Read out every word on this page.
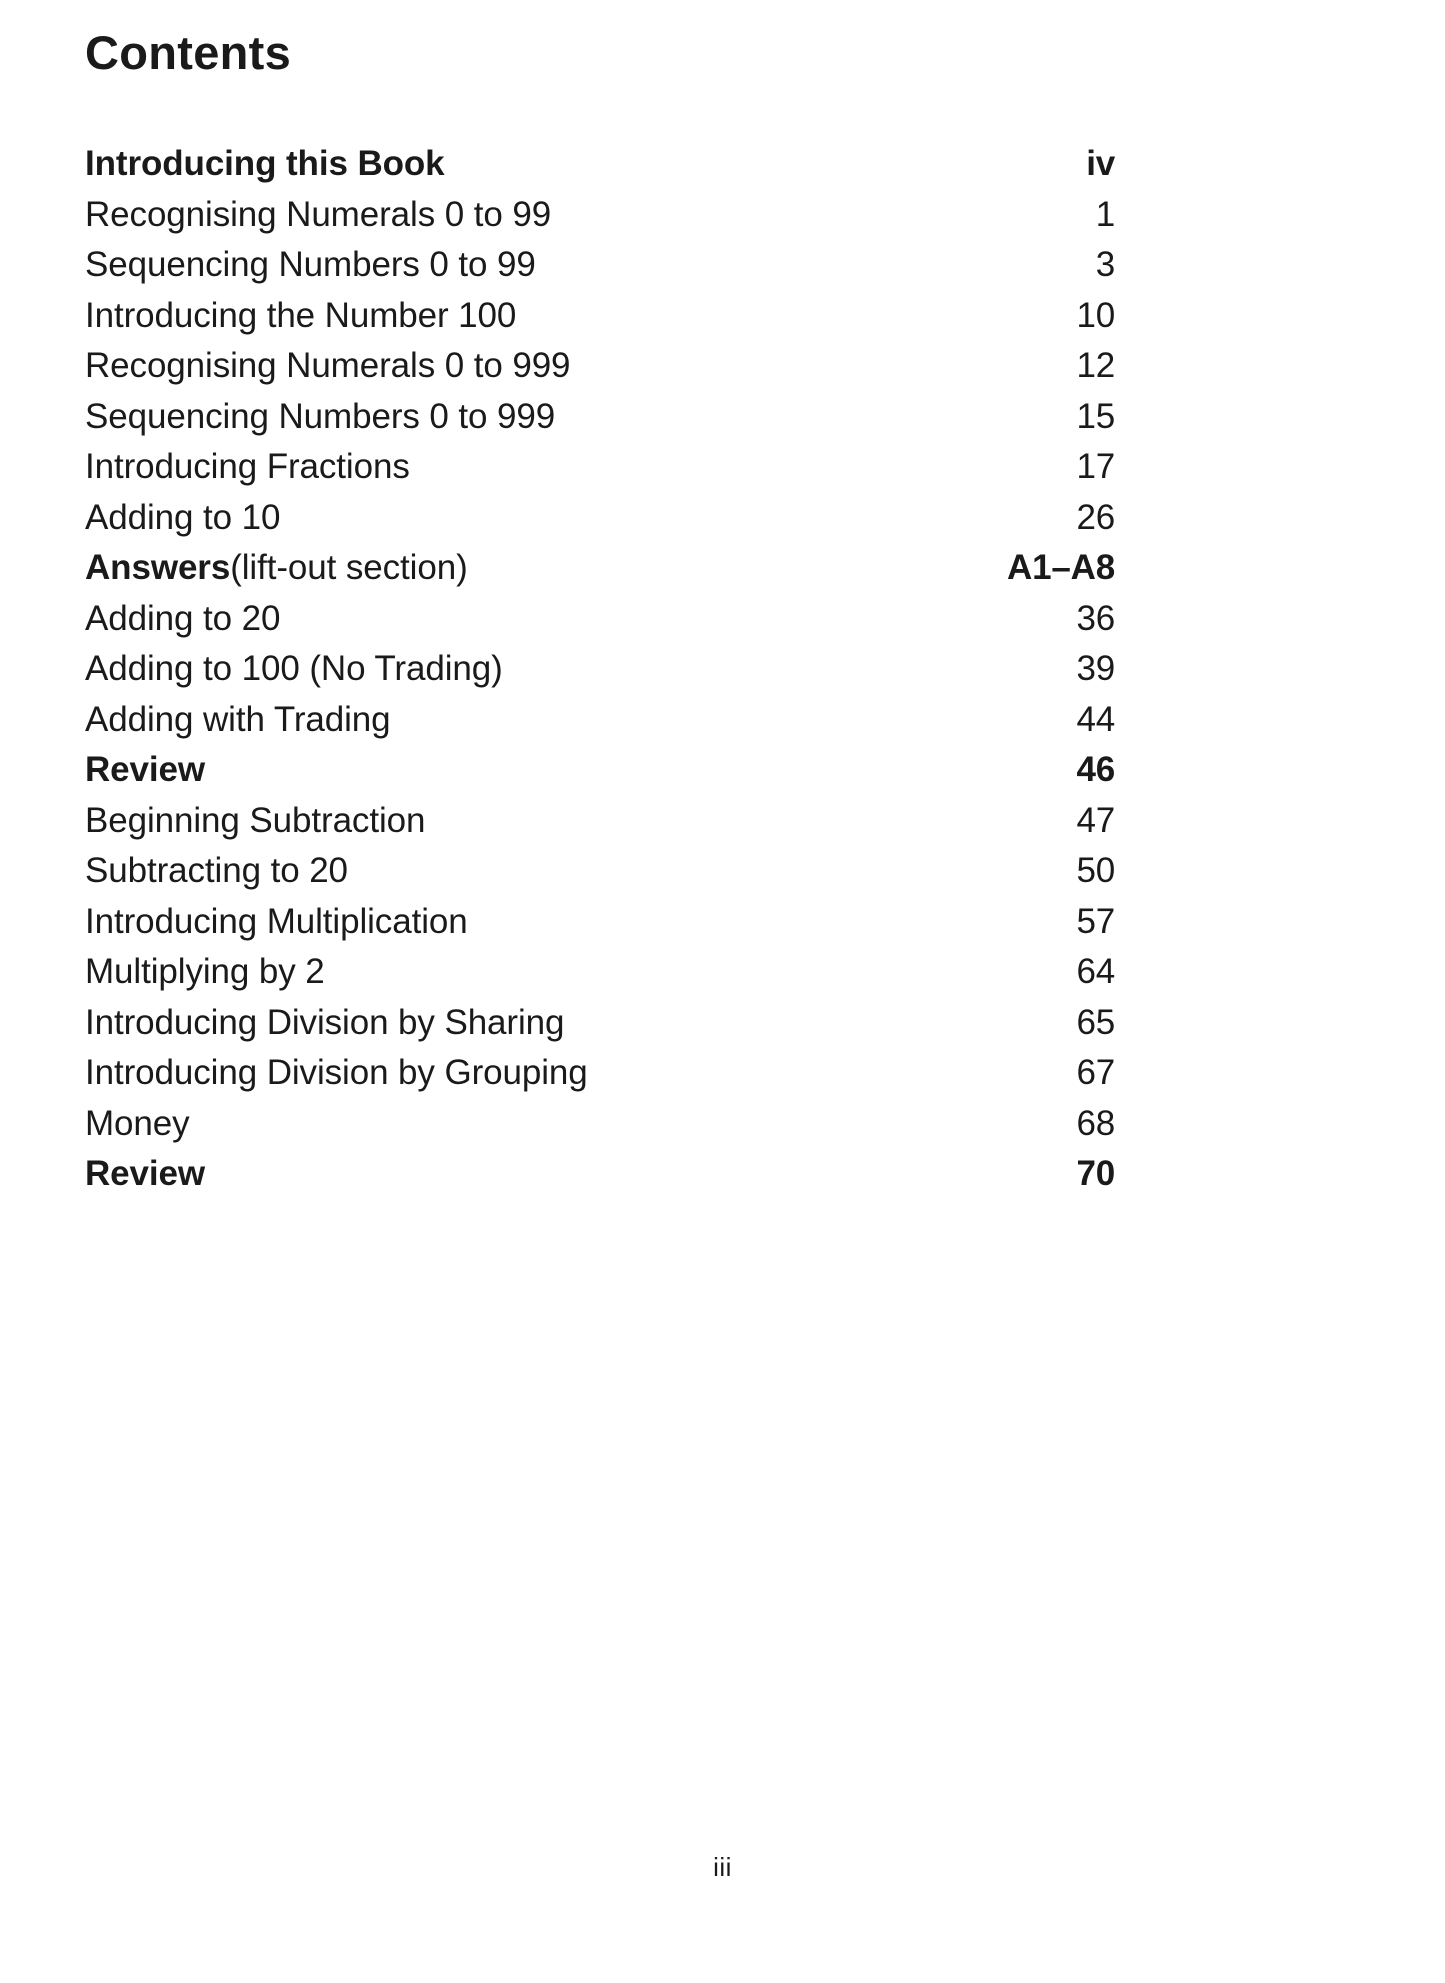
Contents
Introducing this Book	iv
Recognising Numerals 0 to 99	1
Sequencing Numbers 0 to 99	3
Introducing the Number 100	10
Recognising Numerals 0 to 999	12
Sequencing Numbers 0 to 999	15
Introducing Fractions	17
Adding to 10	26
Answers (lift-out section)	A1–A8
Adding to 20	36
Adding to 100 (No Trading)	39
Adding with Trading	44
Review	46
Beginning Subtraction	47
Subtracting to 20	50
Introducing Multiplication	57
Multiplying by 2	64
Introducing Division by Sharing	65
Introducing Division by Grouping	67
Money	68
Review	70
iii
